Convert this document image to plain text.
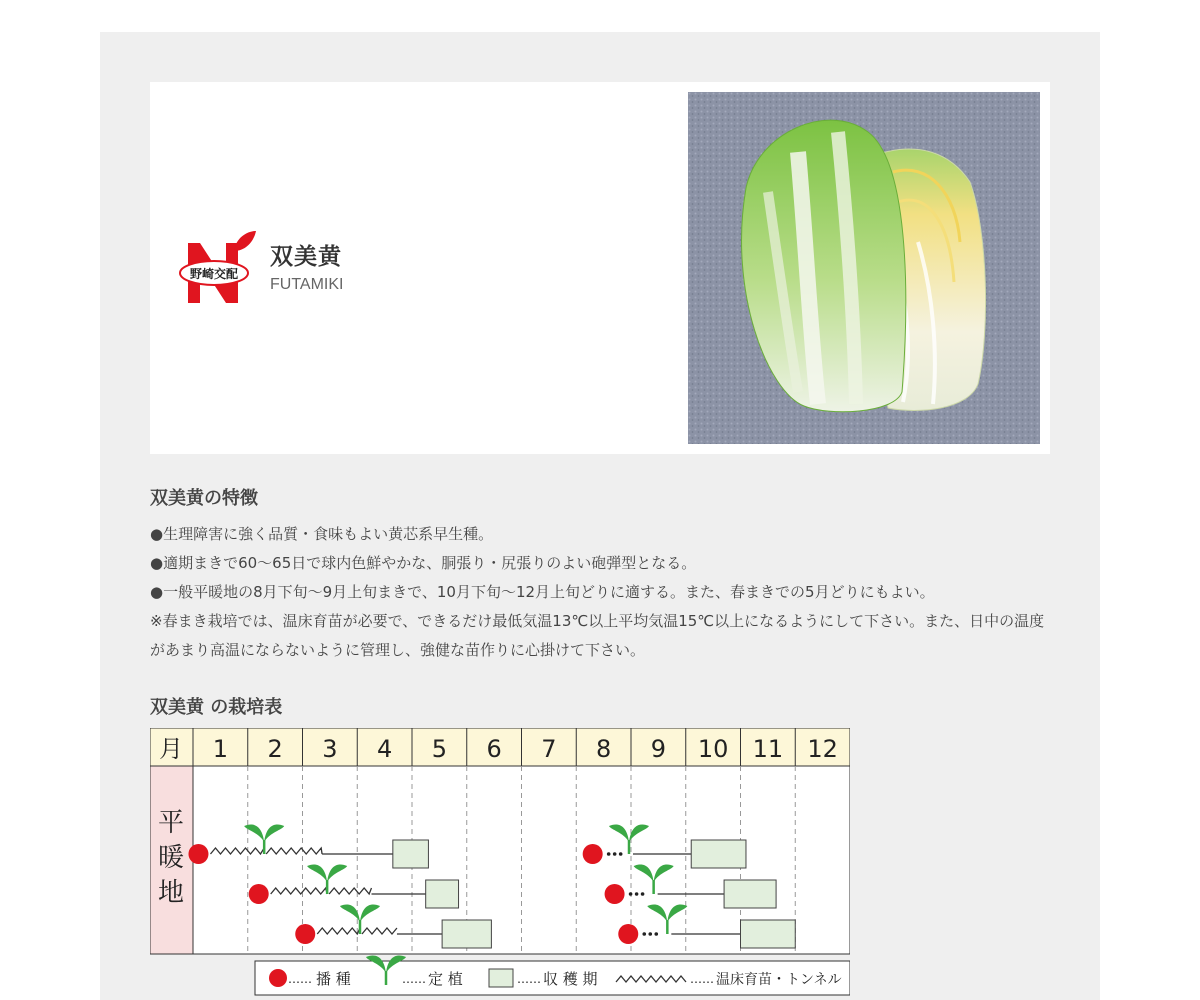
野崎交配
双美黄
FUTAMIKI
双美黄の特徴

●生理障害に強く品質・食味もよい黄芯系早生種。

●適期まきで60〜65日で球内色鮮やかな、胴張り・尻張りのよい砲弾型となる。

●一般平暖地の8月下旬〜9月上旬まきで、10月下旬〜12月上旬どりに適する。また、春まきでの5月どりにもよい。

※春まき栽培では、温床育苗が必要で、できるだけ最低気温13℃以上平均気温15℃以上になるようにして下さい。また、日中の温度があまり高温にならないように管理し、強健な苗作りに心掛けて下さい。

双美黄 の栽培表
月 1 2 3 4 5 6 7 8 9 10 11 12
平
暖
地
…… 播 種	…… 定 植	…… 収 穫 期	…… 温床育苗・トンネル
